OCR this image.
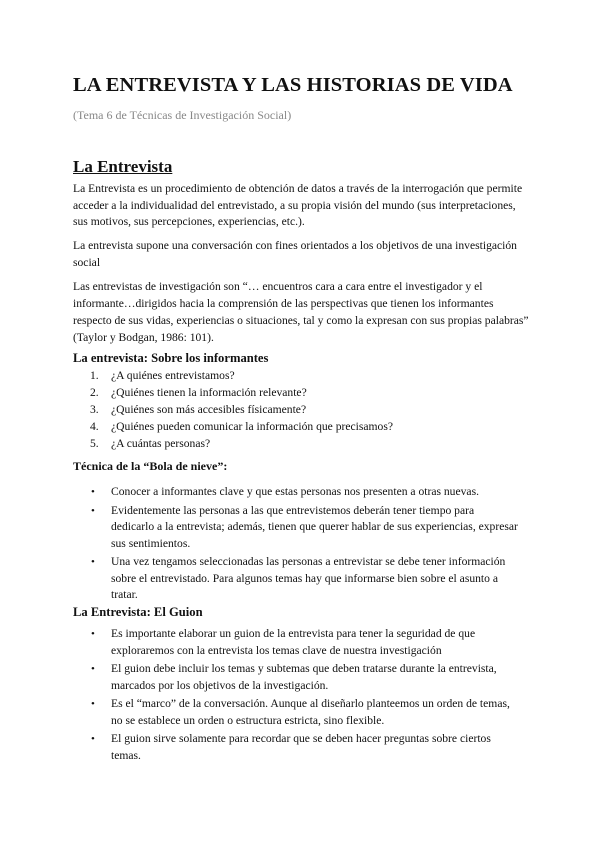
LA ENTREVISTA Y LAS HISTORIAS DE VIDA

(Tema 6 de Técnicas de Investigación Social)

La Entrevista

La Entrevista es un procedimiento de obtención de datos a través de la interrogación que permite acceder a la individualidad del entrevistado, a su propia visión del mundo (sus interpretaciones, sus motivos, sus percepciones, experiencias, etc.).

La entrevista supone una conversación con fines orientados a los objetivos de una investigación social

Las entrevistas de investigación son “… encuentros cara a cara entre el investigador y el informante…dirigidos hacia la comprensión de las perspectivas que tienen los informantes respecto de sus vidas, experiencias o situaciones, tal y como la expresan con sus propias palabras” (Taylor y Bodgan, 1986: 101).

La entrevista: Sobre los informantes
1. ¿A quiénes entrevistamos?
2. ¿Quiénes tienen la información relevante?
3. ¿Quiénes son más accesibles físicamente?
4. ¿Quiénes pueden comunicar la información que precisamos?
5. ¿A cuántas personas?
Técnica de la “Bola de nieve”:
• Conocer a informantes clave y que estas personas nos presenten a otras nuevas.
• Evidentemente las personas a las que entrevistemos deberán tener tiempo para dedicarlo a la entrevista; además, tienen que querer hablar de sus experiencias, expresar sus sentimientos.
• Una vez tengamos seleccionadas las personas a entrevistar se debe tener información sobre el entrevistado. Para algunos temas hay que informarse bien sobre el asunto a tratar.
La Entrevista: El Guion
• Es importante elaborar un guion de la entrevista para tener la seguridad de que exploraremos con la entrevista los temas clave de nuestra investigación
• El guion debe incluir los temas y subtemas que deben tratarse durante la entrevista, marcados por los objetivos de la investigación.
• Es el “marco” de la conversación. Aunque al diseñarlo planteemos un orden de temas, no se establece un orden o estructura estricta, sino flexible.
• El guion sirve solamente para recordar que se deben hacer preguntas sobre ciertos temas.
